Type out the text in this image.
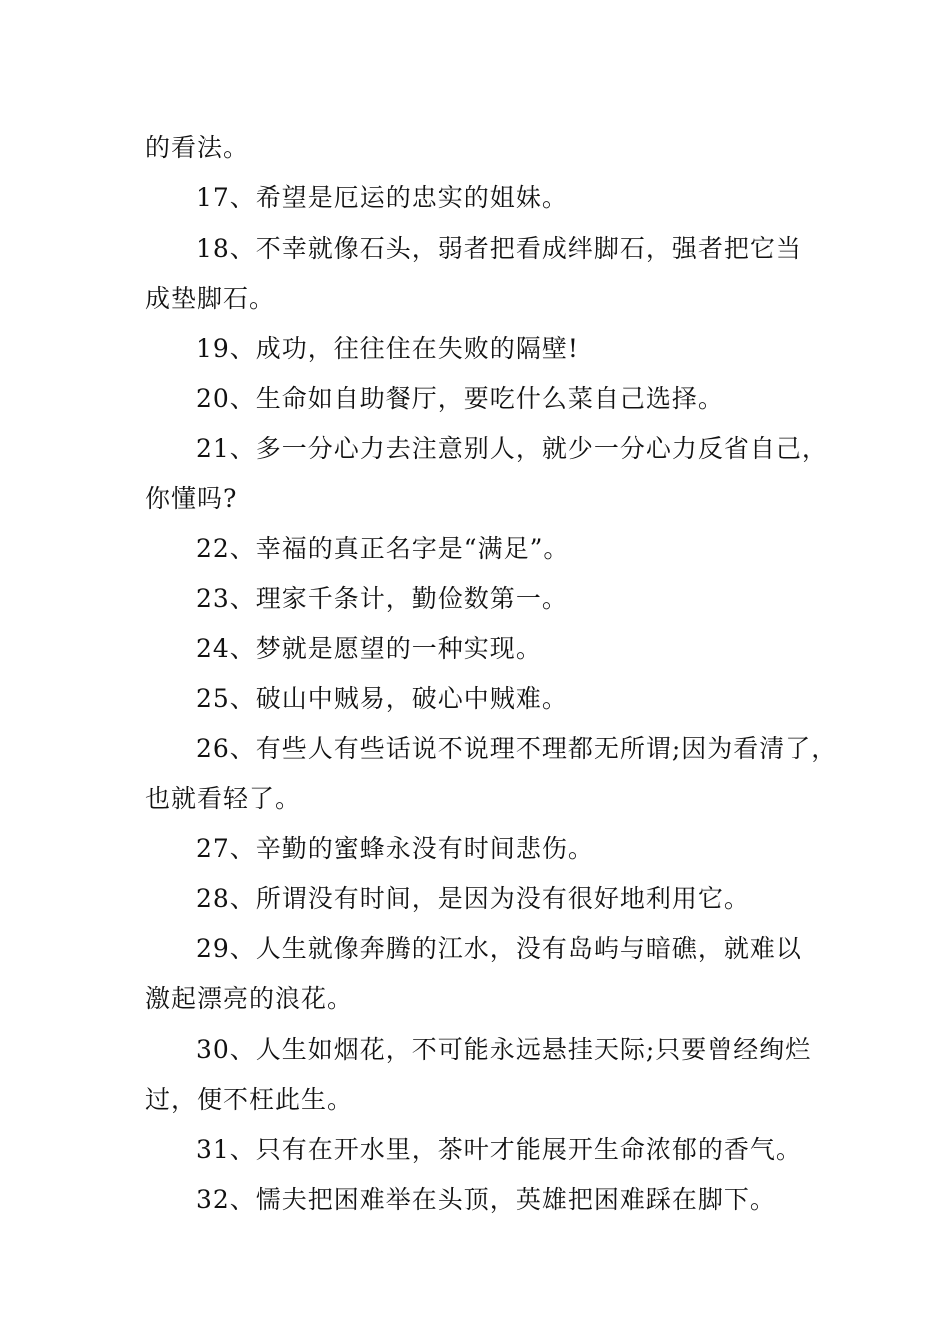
的看法。

17、希望是厄运的忠实的姐妹。

18、不幸就像石头，弱者把看成绊脚石，强者把它当

成垫脚石。

19、成功，往往住在失败的隔壁!

20、生命如自助餐厅，要吃什么菜自己选择。

21、多一分心力去注意别人，就少一分心力反省自己，

你懂吗?

22、幸福的真正名字是“满足”。

23、理家千条计，勤俭数第一。

24、梦就是愿望的一种实现。

25、破山中贼易，破心中贼难。

26、有些人有些话说不说理不理都无所谓;因为看清了，

也就看轻了。

27、辛勤的蜜蜂永没有时间悲伤。

28、所谓没有时间，是因为没有很好地利用它。

29、人生就像奔腾的江水，没有岛屿与暗礁，就难以

激起漂亮的浪花。

30、人生如烟花，不可能永远悬挂天际;只要曾经绚烂

过，便不枉此生。

31、只有在开水里，茶叶才能展开生命浓郁的香气。

32、懦夫把困难举在头顶，英雄把困难踩在脚下。
